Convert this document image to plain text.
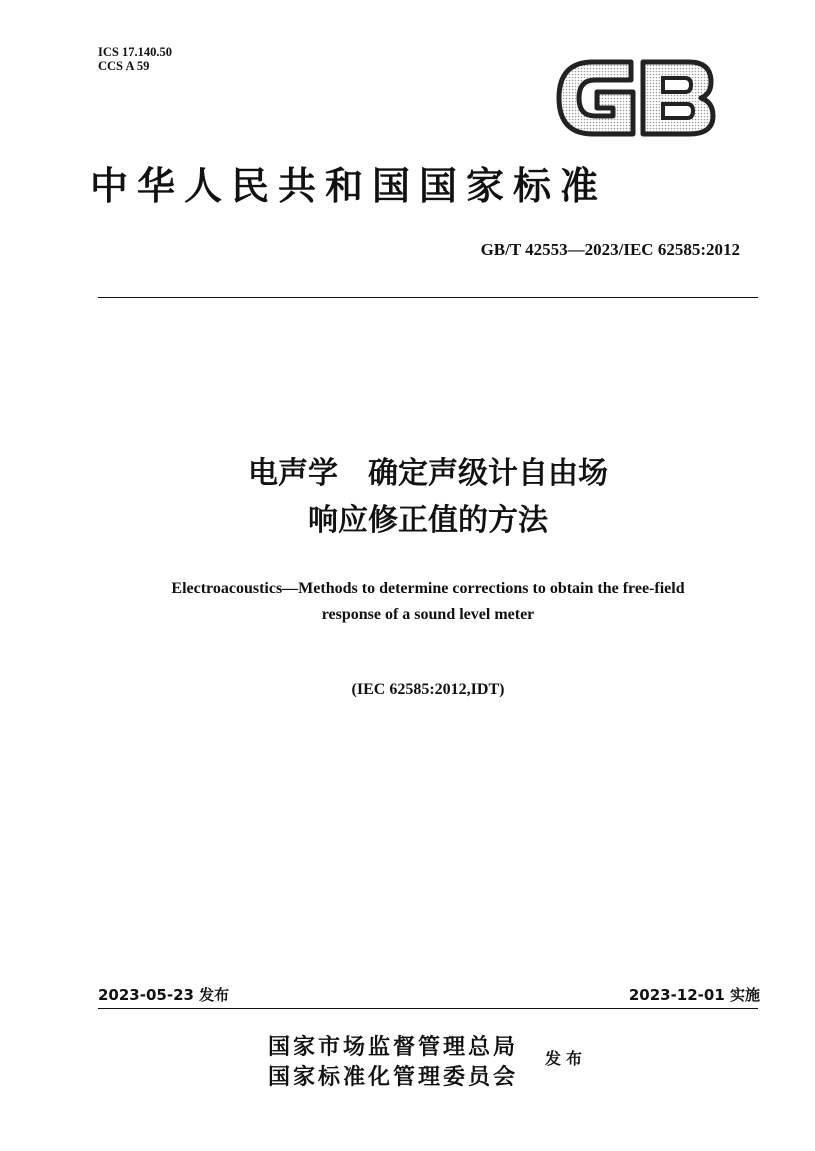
ICS 17.140.50
CCS A 59
中华人民共和国国家标准
GB/T 42553—2023/IEC 62585:2012
电声学　确定声级计自由场
响应修正值的方法
Electroacoustics—Methods to determine corrections to obtain the free-field
response of a sound level meter
(IEC 62585:2012,IDT)
2023-05-23 发布	2023-12-01 实施
国家市场监督管理总局
国家标准化管理委员会
发布
